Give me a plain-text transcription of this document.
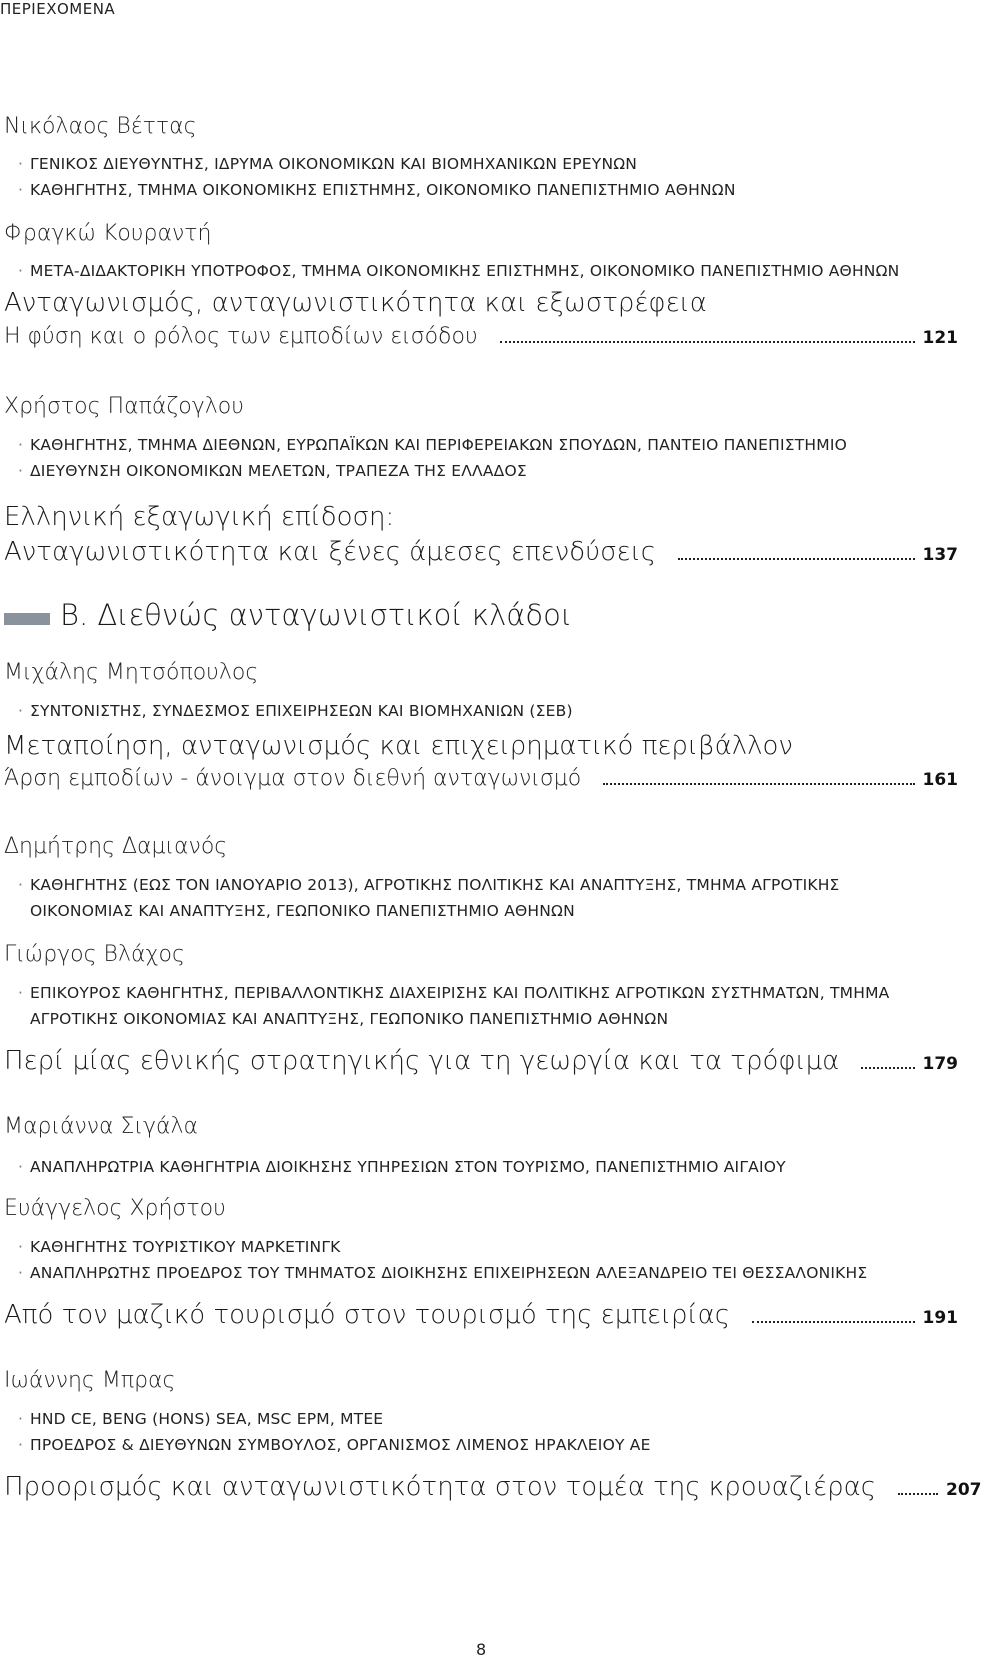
ΠΕΡΙΕΧΟΜΕΝΑ
Νικόλαος Βέττας
· ΓΕΝΙΚΟΣ ΔΙΕΥΘΥΝΤΗΣ, ΙΔΡΥΜΑ ΟΙΚΟΝΟΜΙΚΩΝ ΚΑΙ ΒΙΟΜΗΧΑΝΙΚΩΝ ΕΡΕΥΝΩΝ
· ΚΑΘΗΓΗΤΗΣ, ΤΜΗΜΑ ΟΙΚΟΝΟΜΙΚΗΣ ΕΠΙΣΤΗΜΗΣ, ΟΙΚΟΝΟΜΙΚΟ ΠΑΝΕΠΙΣΤΗΜΙΟ ΑΘΗΝΩΝ
Φραγκώ Κουραντή
· ΜΕΤΑ-ΔΙΔΑΚΤΟΡΙΚΗ ΥΠΟΤΡΟΦΟΣ, ΤΜΗΜΑ ΟΙΚΟΝΟΜΙΚΗΣ ΕΠΙΣΤΗΜΗΣ, ΟΙΚΟΝΟΜΙΚΟ ΠΑΝΕΠΙΣΤΗΜΙΟ ΑΘΗΝΩΝ
Ανταγωνισμός, ανταγωνιστικότητα και εξωστρέφεια
Η φύση και ο ρόλος των εμποδίων εισόδου	121
Χρήστος Παπάζογλου
· ΚΑΘΗΓΗΤΗΣ, ΤΜΗΜΑ ΔΙΕΘΝΩΝ, ΕΥΡΩΠΑΪΚΩΝ ΚΑΙ ΠΕΡΙΦΕΡΕΙΑΚΩΝ ΣΠΟΥΔΩΝ, ΠΑΝΤΕΙΟ ΠΑΝΕΠΙΣΤΗΜΙΟ
· ΔΙΕΥΘΥΝΣΗ ΟΙΚΟΝΟΜΙΚΩΝ ΜΕΛΕΤΩΝ, ΤΡΑΠΕΖΑ ΤΗΣ ΕΛΛΑΔΟΣ
Ελληνική εξαγωγική επίδοση:
Ανταγωνιστικότητα και ξένες άμεσες επενδύσεις	137
B. Διεθνώς ανταγωνιστικοί κλάδοι
Μιχάλης Μητσόπουλος
· ΣΥΝΤΟΝΙΣΤΗΣ, ΣΥΝΔΕΣΜΟΣ ΕΠΙΧΕΙΡΗΣΕΩΝ ΚΑΙ ΒΙΟΜΗΧΑΝΙΩΝ (ΣΕΒ)
Μεταποίηση, ανταγωνισμός και επιχειρηματικό περιβάλλον
Άρση εμποδίων - άνοιγμα στον διεθνή ανταγωνισμό	161
Δημήτρης Δαμιανός
· ΚΑΘΗΓΗΤΗΣ (ΕΩΣ ΤΟΝ ΙΑΝΟΥΑΡΙΟ 2013), ΑΓΡΟΤΙΚΗΣ ΠΟΛΙΤΙΚΗΣ ΚΑΙ ΑΝΑΠΤΥΞΗΣ, ΤΜΗΜΑ ΑΓΡΟΤΙΚΗΣ
ΟΙΚΟΝΟΜΙΑΣ ΚΑΙ ΑΝΑΠΤΥΞΗΣ, ΓΕΩΠΟΝΙΚΟ ΠΑΝΕΠΙΣΤΗΜΙΟ ΑΘΗΝΩΝ
Γιώργος Βλάχος
· ΕΠΙΚΟΥΡΟΣ ΚΑΘΗΓΗΤΗΣ, ΠΕΡΙΒΑΛΛΟΝΤΙΚΗΣ ΔΙΑΧΕΙΡΙΣΗΣ ΚΑΙ ΠΟΛΙΤΙΚΗΣ ΑΓΡΟΤΙΚΩΝ ΣΥΣΤΗΜΑΤΩΝ, ΤΜΗΜΑ
ΑΓΡΟΤΙΚΗΣ ΟΙΚΟΝΟΜΙΑΣ ΚΑΙ ΑΝΑΠΤΥΞΗΣ, ΓΕΩΠΟΝΙΚΟ ΠΑΝΕΠΙΣΤΗΜΙΟ ΑΘΗΝΩΝ
Περί μίας εθνικής στρατηγικής για τη γεωργία και τα τρόφιμα	179
Μαριάννα Σιγάλα
· ΑΝΑΠΛΗΡΩΤΡΙΑ ΚΑΘΗΓΗΤΡΙΑ ΔΙΟΙΚΗΣΗΣ ΥΠΗΡΕΣΙΩΝ ΣΤΟΝ ΤΟΥΡΙΣΜΟ, ΠΑΝΕΠΙΣΤΗΜΙΟ ΑΙΓΑΙΟΥ
Ευάγγελος Χρήστου
· ΚΑΘΗΓΗΤΗΣ ΤΟΥΡΙΣΤΙΚΟΥ ΜΑΡΚΕΤΙΝΓΚ
· ΑΝΑΠΛΗΡΩΤΗΣ ΠΡΟΕΔΡΟΣ ΤΟΥ ΤΜΗΜΑΤΟΣ ΔΙΟΙΚΗΣΗΣ ΕΠΙΧΕΙΡΗΣΕΩΝ ΑΛΕΞΑΝΔΡΕΙΟ ΤΕΙ ΘΕΣΣΑΛΟΝΙΚΗΣ
Από τον μαζικό τουρισμό στον τουρισμό της εμπειρίας	191
Ιωάννης Μπρας
· HND CE, BENG (HONS) SEA, MSC EPM, MTEE
· ΠΡΟΕΔΡΟΣ & ΔΙΕΥΘΥΝΩΝ ΣΥΜΒΟΥΛΟΣ, ΟΡΓΑΝΙΣΜΟΣ ΛΙΜΕΝΟΣ ΗΡΑΚΛΕΙΟΥ ΑΕ
Προορισμός και ανταγωνιστικότητα στον τομέα της κρουαζιέρας	207
8
